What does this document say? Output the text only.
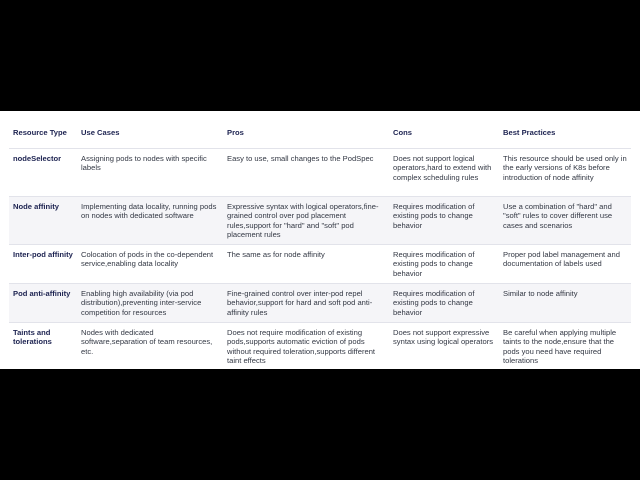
Resource Type	Use Cases	Pros	Cons	Best Practices
nodeSelector	Assigning pods to nodes with specific labels	Easy to use, small changes to the PodSpec	Does not support logical operators,hard to extend with complex scheduling rules	This resource should be used only in the early versions of K8s before introduction of node affinity
Node affinity	Implementing data locality, running pods on nodes with dedicated software	Expressive syntax with logical operators,fine-grained control over pod placement rules,support for "hard" and "soft" pod placement rules	Requires modification of existing pods to change behavior	Use a combination of "hard" and "soft" rules to cover different use cases and scenarios
Inter-pod affinity	Colocation of pods in the co-dependent service,enabling data locality	The same as for node affinity	Requires modification of existing pods to change behavior	Proper pod label management and documentation of labels used
Pod anti-affinity	Enabling high availability (via pod distribution),preventing inter-service competition for resources	Fine-grained control over inter-pod repel behavior,support for hard and soft pod anti-affinity rules	Requires modification of existing pods to change behavior	Similar to node affinity
Taints and tolerations	Nodes with dedicated software,separation of team resources, etc.	Does not require modification of existing pods,supports automatic eviction of pods without required toleration,supports different taint effects	Does not support expressive syntax using logical operators	Be careful when applying multiple taints to the node,ensure that the pods you need have required tolerations
